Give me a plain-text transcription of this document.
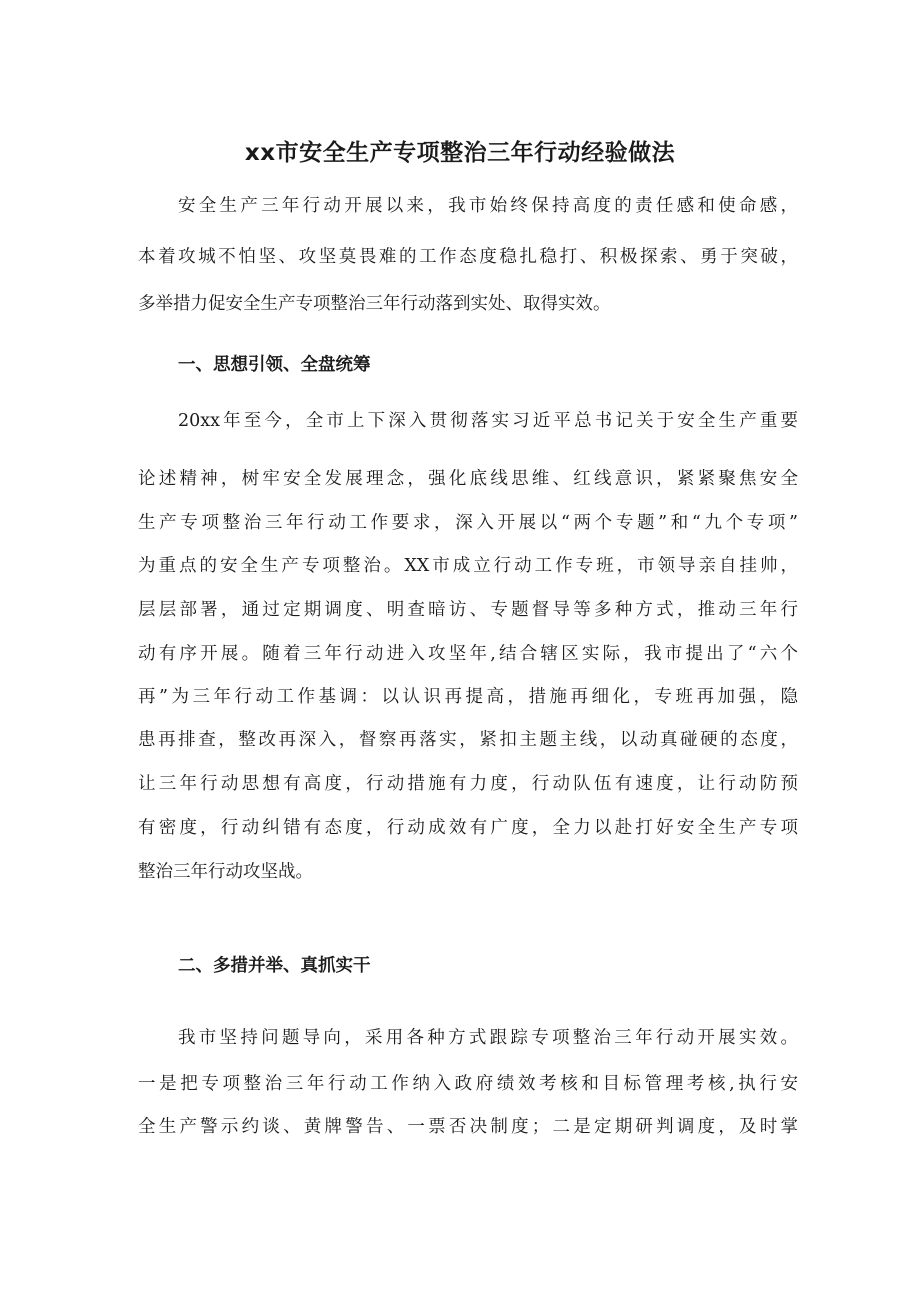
xx市安全生产专项整治三年行动经验做法
安全生产三年行动开展以来，我市始终保持高度的责任感和使命感，
本着攻城不怕坚、攻坚莫畏难的工作态度稳扎稳打、积极探索、勇于突破，
多举措力促安全生产专项整治三年行动落到实处、取得实效。
一、思想引领、全盘统筹
20xx年至今，全市上下深入贯彻落实习近平总书记关于安全生产重要
论述精神，树牢安全发展理念，强化底线思维、红线意识，紧紧聚焦安全
生产专项整治三年行动工作要求，深入开展以“两个专题”和“九个专项”
为重点的安全生产专项整治。XX市成立行动工作专班，市领导亲自挂帅，
层层部署，通过定期调度、明查暗访、专题督导等多种方式，推动三年行
动有序开展。随着三年行动进入攻坚年,结合辖区实际，我市提出了“六个
再”为三年行动工作基调：以认识再提高，措施再细化，专班再加强，隐
患再排查，整改再深入，督察再落实，紧扣主题主线，以动真碰硬的态度，
让三年行动思想有高度，行动措施有力度，行动队伍有速度，让行动防预
有密度，行动纠错有态度，行动成效有广度，全力以赴打好安全生产专项
整治三年行动攻坚战。
二、多措并举、真抓实干
我市坚持问题导向，采用各种方式跟踪专项整治三年行动开展实效。
一是把专项整治三年行动工作纳入政府绩效考核和目标管理考核,执行安
全生产警示约谈、黄牌警告、一票否决制度；二是定期研判调度，及时掌
